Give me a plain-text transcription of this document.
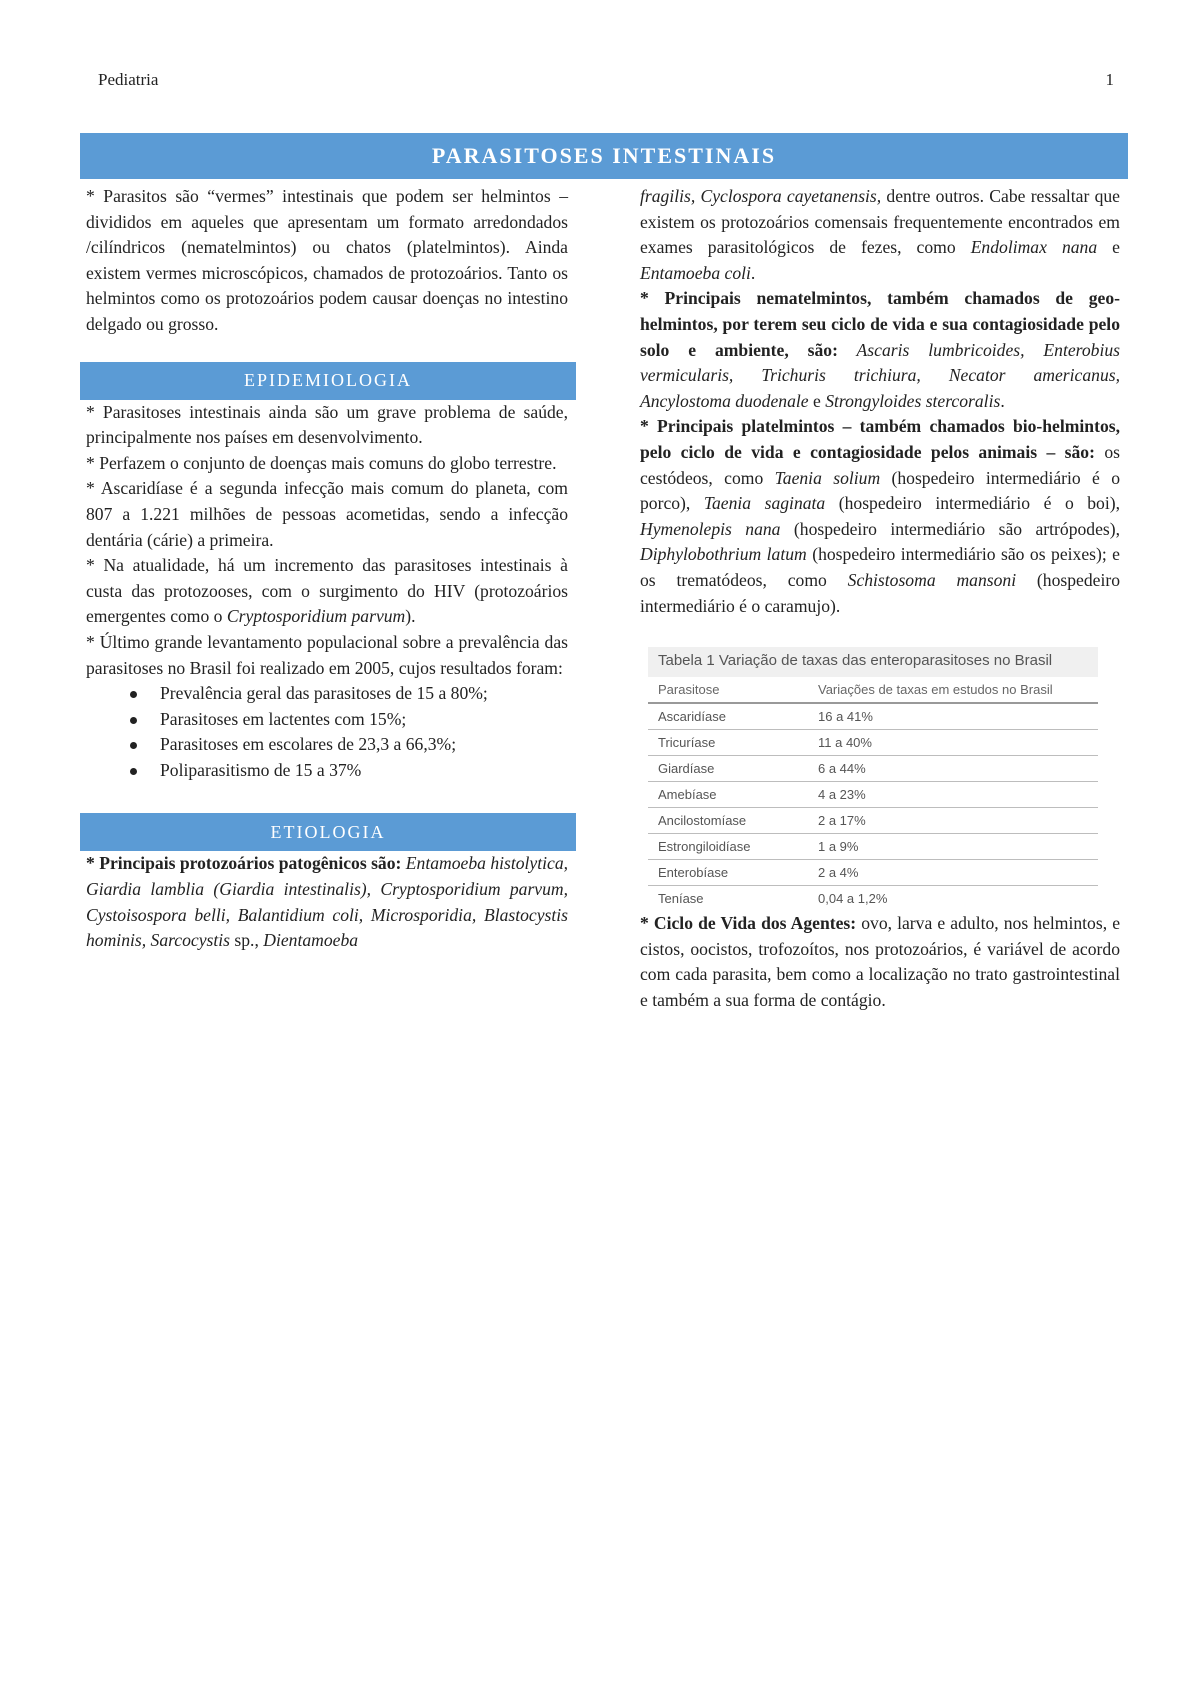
Pediatria	1
PARASITOSES INTESTINAIS

* Parasitos são “vermes” intestinais que podem ser helmintos – divididos em aqueles que apresentam um formato arredondados /cilíndricos (nematelmintos) ou chatos (platelmintos). Ainda existem vermes microscópicos, chamados de protozoários. Tanto os helmintos como os protozoários podem causar doenças no intestino delgado ou grosso.

EPIDEMIOLOGIA

* Parasitoses intestinais ainda são um grave problema de saúde, principalmente nos países em desenvolvimento.

* Perfazem o conjunto de doenças mais comuns do globo terrestre.

* Ascaridíase é a segunda infecção mais comum do planeta, com 807 a 1.221 milhões de pessoas acometidas, sendo a infecção dentária (cárie) a primeira.

* Na atualidade, há um incremento das parasitoses intestinais à custa das protozooses, com o surgimento do HIV (protozoários emergentes como o Cryptosporidium parvum).

* Último grande levantamento populacional sobre a prevalência das parasitoses no Brasil foi realizado em 2005, cujos resultados foram:

Prevalência geral das parasitoses de 15 a 80%;
Parasitoses em lactentes com 15%;
Parasitoses em escolares de 23,3 a 66,3%;
Poliparasitismo de 15 a 37%
ETIOLOGIA

* Principais protozoários patogênicos são: Entamoeba histolytica, Giardia lamblia (Giardia intestinalis), Cryptosporidium parvum, Cystoisospora belli, Balantidium coli, Microsporidia, Blastocystis hominis, Sarcocystis sp., Dientamoeba

fragilis, Cyclospora cayetanensis, dentre outros. Cabe ressaltar que existem os protozoários comensais frequentemente encontrados em exames parasitológicos de fezes, como Endolimax nana e Entamoeba coli.

* Principais nematelmintos, também chamados de geo-helmintos, por terem seu ciclo de vida e sua contagiosidade pelo solo e ambiente, são: Ascaris lumbricoides, Enterobius vermicularis, Trichuris trichiura, Necator americanus, Ancylostoma duodenale e Strongyloides stercoralis.

* Principais platelmintos – também chamados bio-helmintos, pelo ciclo de vida e contagiosidade pelos animais – são: os cestódeos, como Taenia solium (hospedeiro intermediário é o porco), Taenia saginata (hospedeiro intermediário é o boi), Hymenolepis nana (hospedeiro intermediário são artrópodes), Diphylobothrium latum (hospedeiro intermediário são os peixes); e os trematódeos, como Schistosoma mansoni (hospedeiro intermediário é o caramujo).

Tabela 1 Variação de taxas das enteroparasitoses no Brasil
Parasitose	Variações de taxas em estudos no Brasil
Ascaridíase	16 a 41%
Tricuríase	11 a 40%
Giardíase	6 a 44%
Amebíase	4 a 23%
Ancilostomíase	2 a 17%
Estrongiloidíase	1 a 9%
Enterobíase	2 a 4%
Teníase	0,04 a 1,2%

* Ciclo de Vida dos Agentes: ovo, larva e adulto, nos helmintos, e cistos, oocistos, trofozoítos, nos protozoários, é variável de acordo com cada parasita, bem como a localização no trato gastrointestinal e também a sua forma de contágio.
